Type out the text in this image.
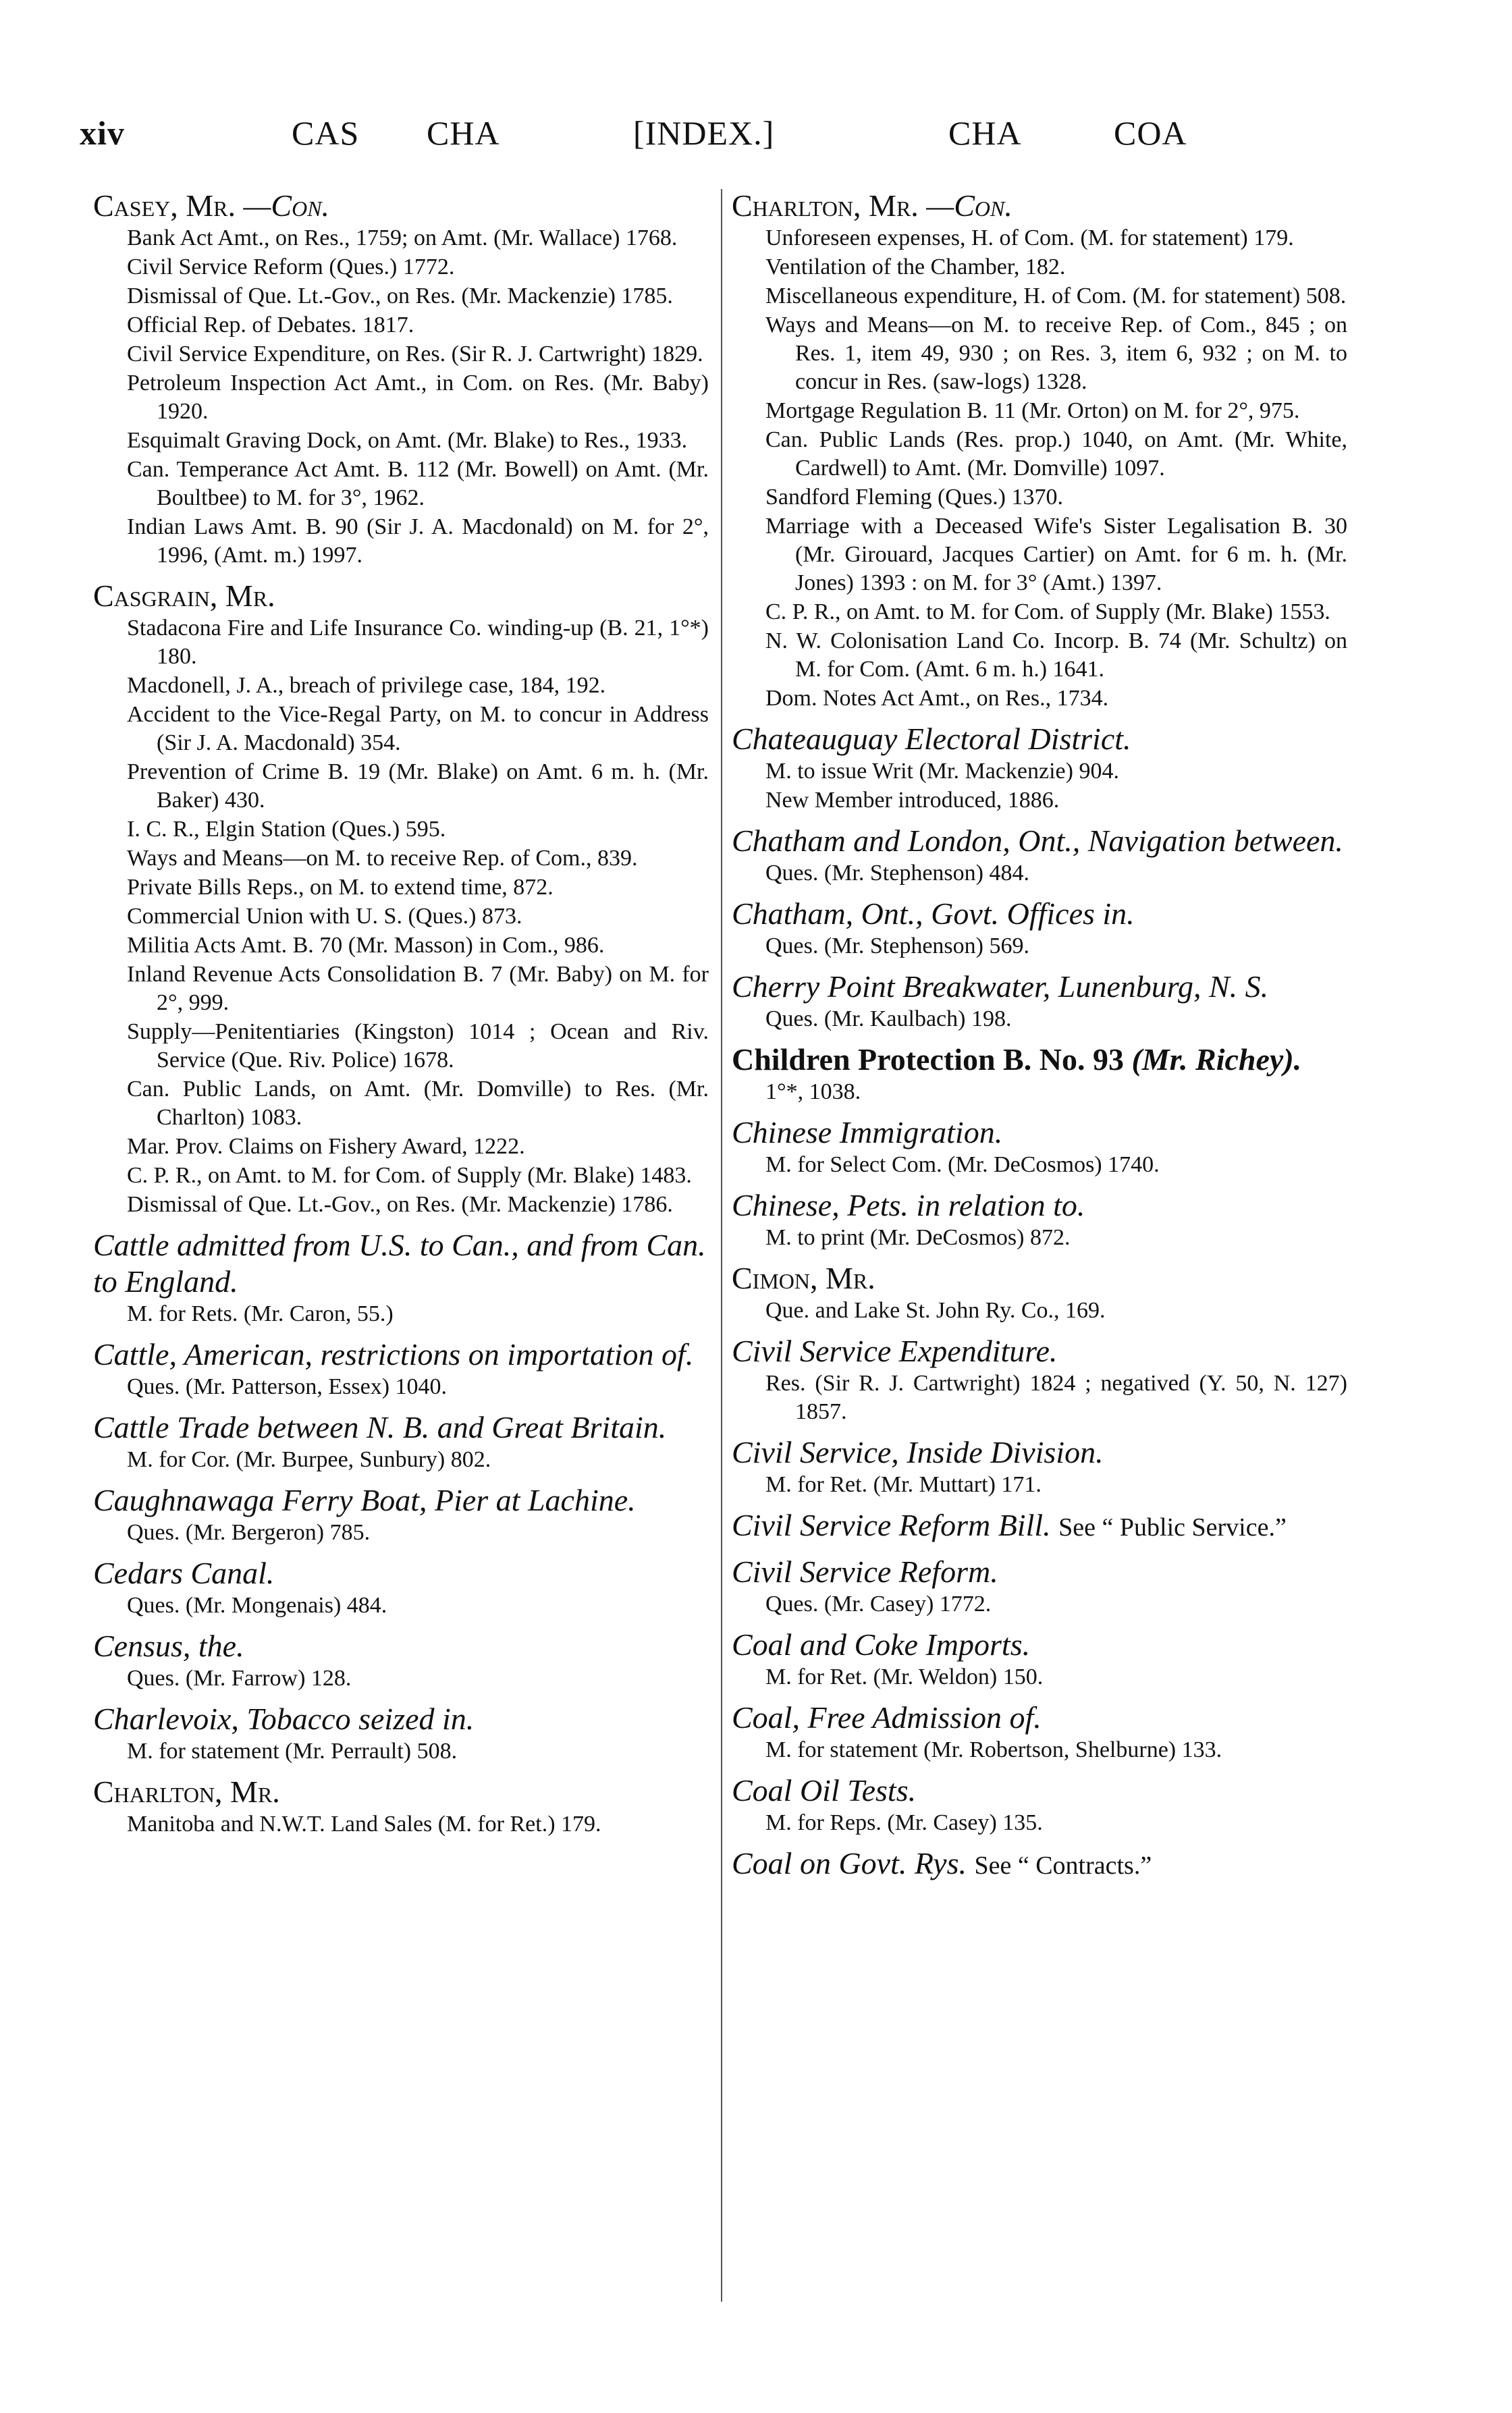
xiv	CAS CHA	[INDEX.]	CHA	COA
Casey, Mr. —Con.
Bank Act Amt., on Res., 1759; on Amt. (Mr. Wallace) 1768.
Civil Service Reform (Ques.) 1772.
Dismissal of Que. Lt.-Gov., on Res. (Mr. Mackenzie) 1785.
Official Rep. of Debates. 1817.
Civil Service Expenditure, on Res. (Sir R. J. Cartwright) 1829.
Petroleum Inspection Act Amt., in Com. on Res. (Mr. Baby) 1920.
Esquimalt Graving Dock, on Amt. (Mr. Blake) to Res., 1933.
Can. Temperance Act Amt. B. 112 (Mr. Bowell) on Amt. (Mr. Boultbee) to M. for 3°, 1962.
Indian Laws Amt. B. 90 (Sir J. A. Macdonald) on M. for 2°, 1996, (Amt. m.) 1997.
Casgrain, Mr.
Stadacona Fire and Life Insurance Co. winding-up (B. 21, 1°*) 180.
Macdonell, J. A., breach of privilege case, 184, 192.
Accident to the Vice-Regal Party, on M. to concur in Address (Sir J. A. Macdonald) 354.
Prevention of Crime B. 19 (Mr. Blake) on Amt. 6 m. h. (Mr. Baker) 430.
I. C. R., Elgin Station (Ques.) 595.
Ways and Means—on M. to receive Rep. of Com., 839.
Private Bills Reps., on M. to extend time, 872.
Commercial Union with U. S. (Ques.) 873.
Militia Acts Amt. B. 70 (Mr. Masson) in Com., 986.
Inland Revenue Acts Consolidation B. 7 (Mr. Baby) on M. for 2°, 999.
Supply—Penitentiaries (Kingston) 1014 ; Ocean and Riv. Service (Que. Riv. Police) 1678.
Can. Public Lands, on Amt. (Mr. Domville) to Res. (Mr. Charlton) 1083.
Mar. Prov. Claims on Fishery Award, 1222.
C. P. R., on Amt. to M. for Com. of Supply (Mr. Blake) 1483.
Dismissal of Que. Lt.-Gov., on Res. (Mr. Mackenzie) 1786.
Cattle admitted from U.S. to Can., and from Can. to England.
M. for Rets. (Mr. Caron, 55.)
Cattle, American, restrictions on importation of.
Ques. (Mr. Patterson, Essex) 1040.
Cattle Trade between N. B. and Great Britain.
M. for Cor. (Mr. Burpee, Sunbury) 802.
Caughnawaga Ferry Boat, Pier at Lachine.
Ques. (Mr. Bergeron) 785.
Cedars Canal.
Ques. (Mr. Mongenais) 484.
Census, the.
Ques. (Mr. Farrow) 128.
Charlevoix, Tobacco seized in.
M. for statement (Mr. Perrault) 508.
Charlton, Mr.
Manitoba and N.W.T. Land Sales (M. for Ret.) 179.
Charlton, Mr. —Con.
Unforeseen expenses, H. of Com. (M. for statement) 179.
Ventilation of the Chamber, 182.
Miscellaneous expenditure, H. of Com. (M. for statement) 508.
Ways and Means—on M. to receive Rep. of Com., 845 ; on Res. 1, item 49, 930 ; on Res. 3, item 6, 932 ; on M. to concur in Res. (saw-logs) 1328.
Mortgage Regulation B. 11 (Mr. Orton) on M. for 2°, 975.
Can. Public Lands (Res. prop.) 1040, on Amt. (Mr. White, Cardwell) to Amt. (Mr. Domville) 1097.
Sandford Fleming (Ques.) 1370.
Marriage with a Deceased Wife's Sister Legalisation B. 30 (Mr. Girouard, Jacques Cartier) on Amt. for 6 m. h. (Mr. Jones) 1393 : on M. for 3° (Amt.) 1397.
C. P. R., on Amt. to M. for Com. of Supply (Mr. Blake) 1553.
N. W. Colonisation Land Co. Incorp. B. 74 (Mr. Schultz) on M. for Com. (Amt. 6 m. h.) 1641.
Dom. Notes Act Amt., on Res., 1734.
Chateauguay Electoral District.
M. to issue Writ (Mr. Mackenzie) 904.
New Member introduced, 1886.
Chatham and London, Ont., Navigation between.
Ques. (Mr. Stephenson) 484.
Chatham, Ont., Govt. Offices in.
Ques. (Mr. Stephenson) 569.
Cherry Point Breakwater, Lunenburg, N. S.
Ques. (Mr. Kaulbach) 198.
Children Protection B. No. 93 (Mr. Richey).
1°*, 1038.
Chinese Immigration.
M. for Select Com. (Mr. DeCosmos) 1740.
Chinese, Pets. in relation to.
M. to print (Mr. DeCosmos) 872.
Cimon, Mr.
Que. and Lake St. John Ry. Co., 169.
Civil Service Expenditure.
Res. (Sir R. J. Cartwright) 1824 ; negatived (Y. 50, N. 127) 1857.
Civil Service, Inside Division.
M. for Ret. (Mr. Muttart) 171.
Civil Service Reform Bill. See “ Public Service.”
Civil Service Reform.
Ques. (Mr. Casey) 1772.
Coal and Coke Imports.
M. for Ret. (Mr. Weldon) 150.
Coal, Free Admission of.
M. for statement (Mr. Robertson, Shelburne) 133.
Coal Oil Tests.
M. for Reps. (Mr. Casey) 135.
Coal on Govt. Rys. See “ Contracts.”
